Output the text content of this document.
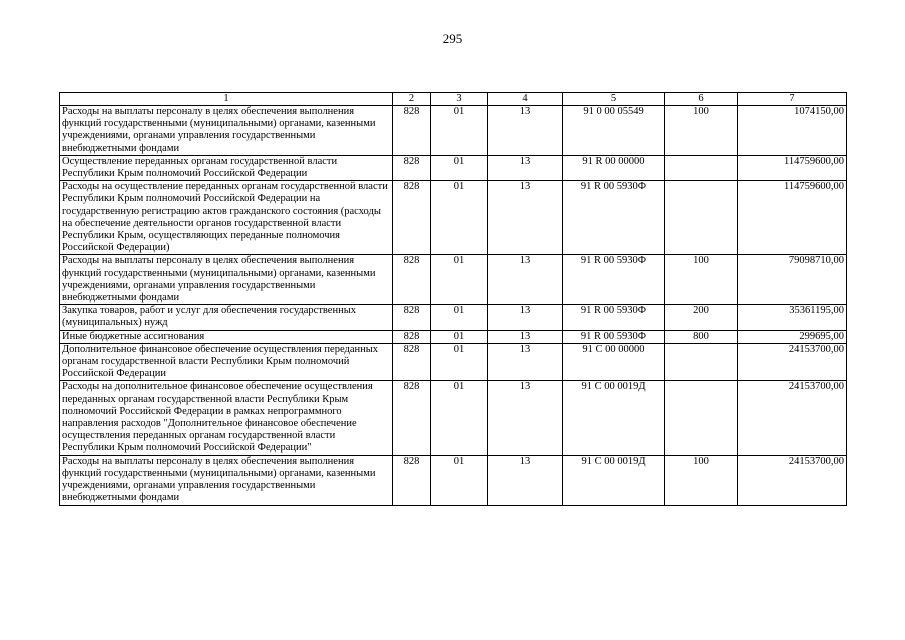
295
1	2	3	4	5	6	7
Расходы на выплаты персоналу в целях обеспечения выполнения функций государственными (муниципальными) органами, казенными учреждениями, органами управления государственными внебюджетными фондами	828	01	13	91 0 00 05549	100	1074150,00
Осуществление переданных органам государственной власти Республики Крым полномочий Российской Федерации	828	01	13	91 R 00 00000		114759600,00
Расходы на осуществление переданных органам государственной власти Республики Крым полномочий Российской Федерации на государственную регистрацию актов гражданского состояния (расходы на обеспечение деятельности органов государственной власти Республики Крым, осуществляющих переданные полномочия Российской Федерации)	828	01	13	91 R 00 5930Ф		114759600,00
Расходы на выплаты персоналу в целях обеспечения выполнения функций государственными (муниципальными) органами, казенными учреждениями, органами управления государственными внебюджетными фондами	828	01	13	91 R 00 5930Ф	100	79098710,00
Закупка товаров, работ и услуг для обеспечения государственных (муниципальных) нужд	828	01	13	91 R 00 5930Ф	200	35361195,00
Иные бюджетные ассигнования	828	01	13	91 R 00 5930Ф	800	299695,00
Дополнительное финансовое обеспечение осуществления переданных органам государственной власти Республики Крым полномочий Российской Федерации	828	01	13	91 С 00 00000		24153700,00
Расходы на дополнительное финансовое обеспечение осуществления переданных органам государственной власти Республики Крым полномочий Российской Федерации в рамках непрограммного направления расходов "Дополнительное финансовое обеспечение осуществления переданных органам государственной власти Республики Крым полномочий Российской Федерации"	828	01	13	91 С 00 0019Д		24153700,00
Расходы на выплаты персоналу в целях обеспечения выполнения функций государственными (муниципальными) органами, казенными учреждениями, органами управления государственными внебюджетными фондами	828	01	13	91 С 00 0019Д	100	24153700,00
